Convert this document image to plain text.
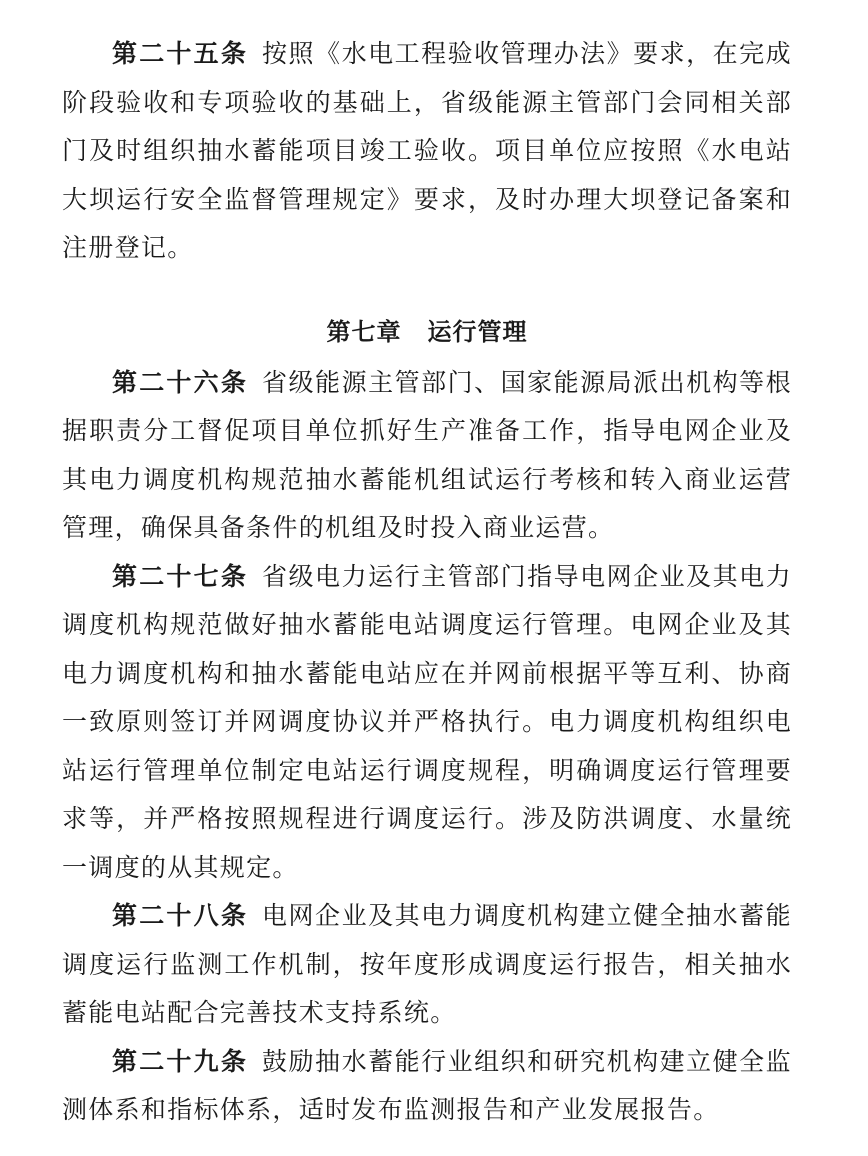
第二十五条 按照《水电工程验收管理办法》要求，在完成阶段验收和专项验收的基础上，省级能源主管部门会同相关部门及时组织抽水蓄能项目竣工验收。项目单位应按照《水电站大坝运行安全监督管理规定》要求，及时办理大坝登记备案和注册登记。

第七章 运行管理

第二十六条 省级能源主管部门、国家能源局派出机构等根据职责分工督促项目单位抓好生产准备工作，指导电网企业及其电力调度机构规范抽水蓄能机组试运行考核和转入商业运营管理，确保具备条件的机组及时投入商业运营。

第二十七条 省级电力运行主管部门指导电网企业及其电力调度机构规范做好抽水蓄能电站调度运行管理。电网企业及其电力调度机构和抽水蓄能电站应在并网前根据平等互利、协商一致原则签订并网调度协议并严格执行。电力调度机构组织电站运行管理单位制定电站运行调度规程，明确调度运行管理要求等，并严格按照规程进行调度运行。涉及防洪调度、水量统一调度的从其规定。

第二十八条 电网企业及其电力调度机构建立健全抽水蓄能调度运行监测工作机制，按年度形成调度运行报告，相关抽水蓄能电站配合完善技术支持系统。

第二十九条 鼓励抽水蓄能行业组织和研究机构建立健全监测体系和指标体系，适时发布监测报告和产业发展报告。
